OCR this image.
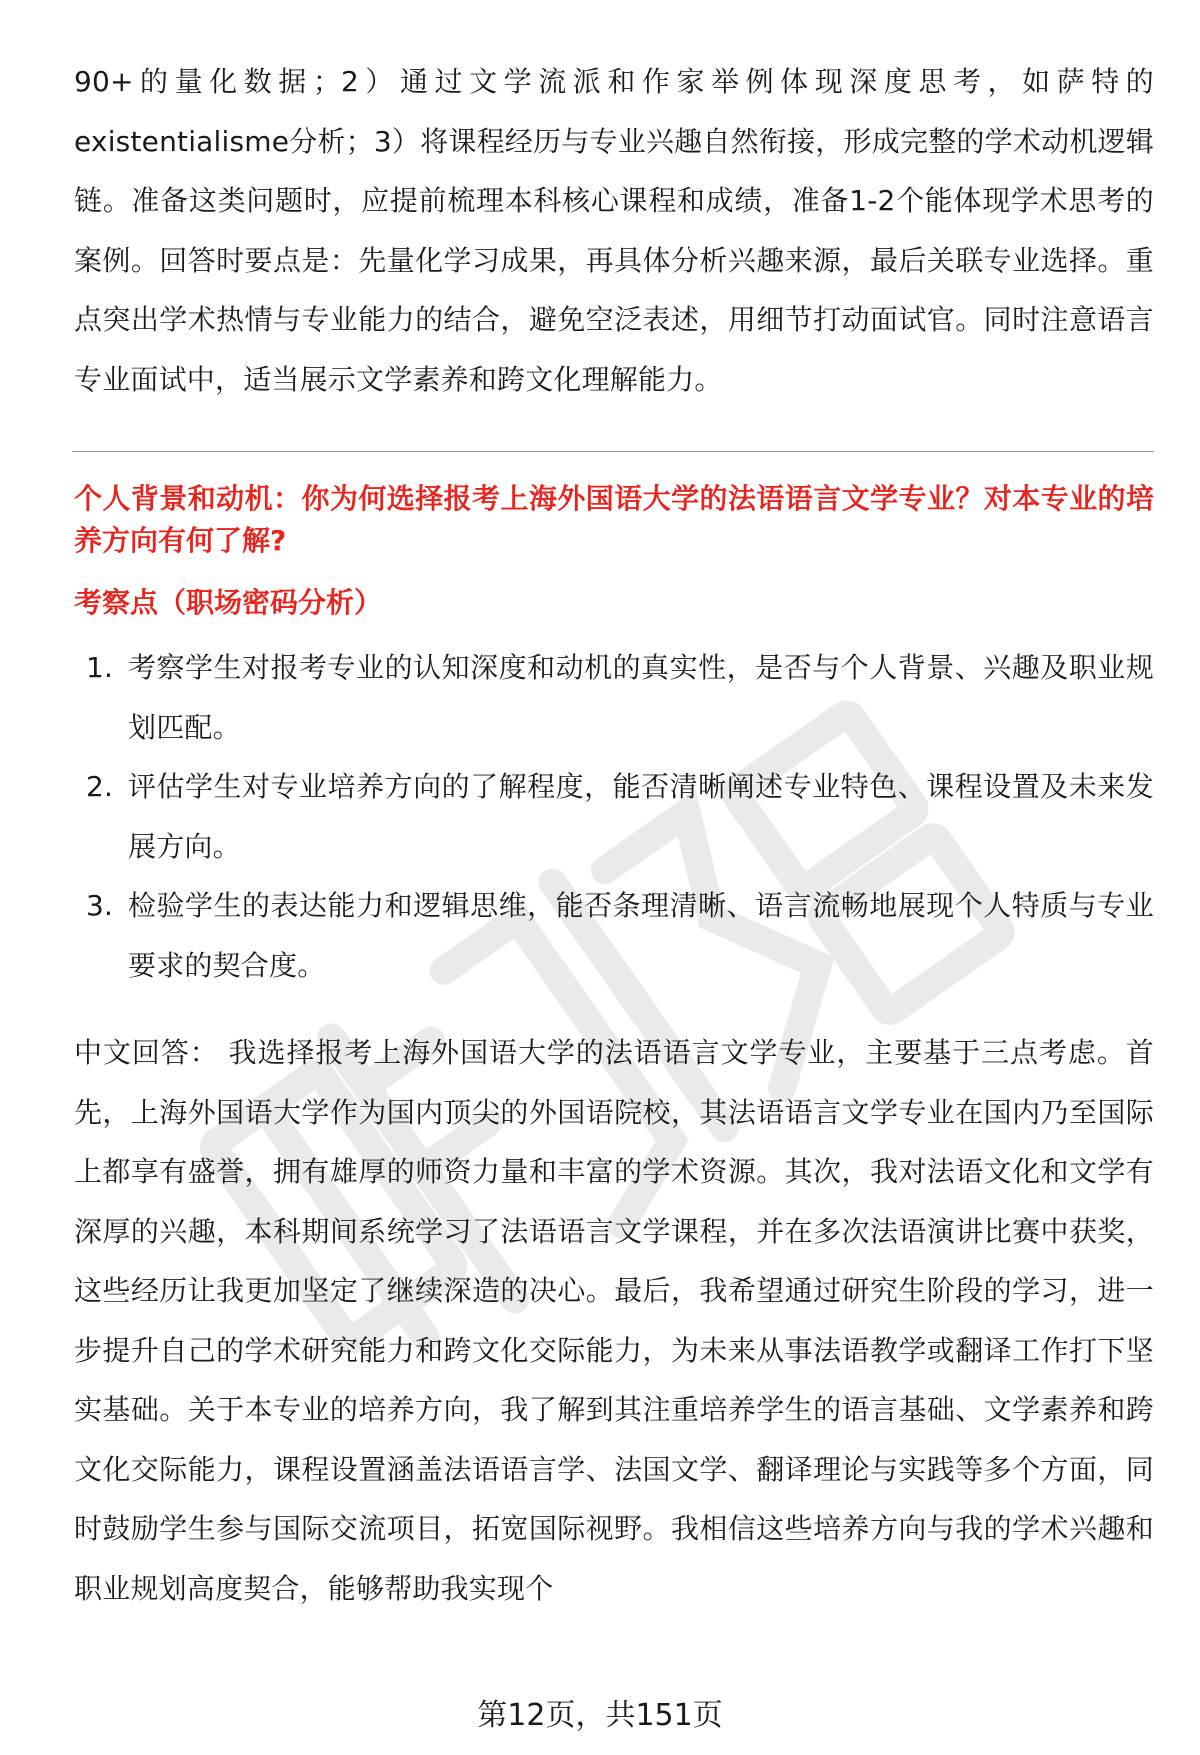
90+的量化数据；2）通过文学流派和作家举例体现深度思考，如萨特的existentialisme分析；3）将课程经历与专业兴趣自然衔接，形成完整的学术动机逻辑链。准备这类问题时，应提前梳理本科核心课程和成绩，准备1-2个能体现学术思考的案例。回答时要点是：先量化学习成果，再具体分析兴趣来源，最后关联专业选择。重点突出学术热情与专业能力的结合，避免空泛表述，用细节打动面试官。同时注意语言专业面试中，适当展示文学素养和跨文化理解能力。

个人背景和动机：你为何选择报考上海外国语大学的法语语言文学专业？对本专业的培养方向有何了解?

考察点（职场密码分析）

1. 考察学生对报考专业的认知深度和动机的真实性，是否与个人背景、兴趣及职业规划匹配。
2. 评估学生对专业培养方向的了解程度，能否清晰阐述专业特色、课程设置及未来发展方向。
3. 检验学生的表达能力和逻辑思维，能否条理清晰、语言流畅地展现个人特质与专业要求的契合度。

中文回答： 我选择报考上海外国语大学的法语语言文学专业，主要基于三点考虑。首先，上海外国语大学作为国内顶尖的外国语院校，其法语语言文学专业在国内乃至国际上都享有盛誉，拥有雄厚的师资力量和丰富的学术资源。其次，我对法语文化和文学有深厚的兴趣，本科期间系统学习了法语语言文学课程，并在多次法语演讲比赛中获奖，这些经历让我更加坚定了继续深造的决心。最后，我希望通过研究生阶段的学习，进一步提升自己的学术研究能力和跨文化交际能力，为未来从事法语教学或翻译工作打下坚实基础。关于本专业的培养方向，我了解到其注重培养学生的语言基础、文学素养和跨文化交际能力，课程设置涵盖法语语言学、法国文学、翻译理论与实践等多个方面，同时鼓励学生参与国际交流项目，拓宽国际视野。我相信这些培养方向与我的学术兴趣和职业规划高度契合，能够帮助我实现个

第12页，共151页
